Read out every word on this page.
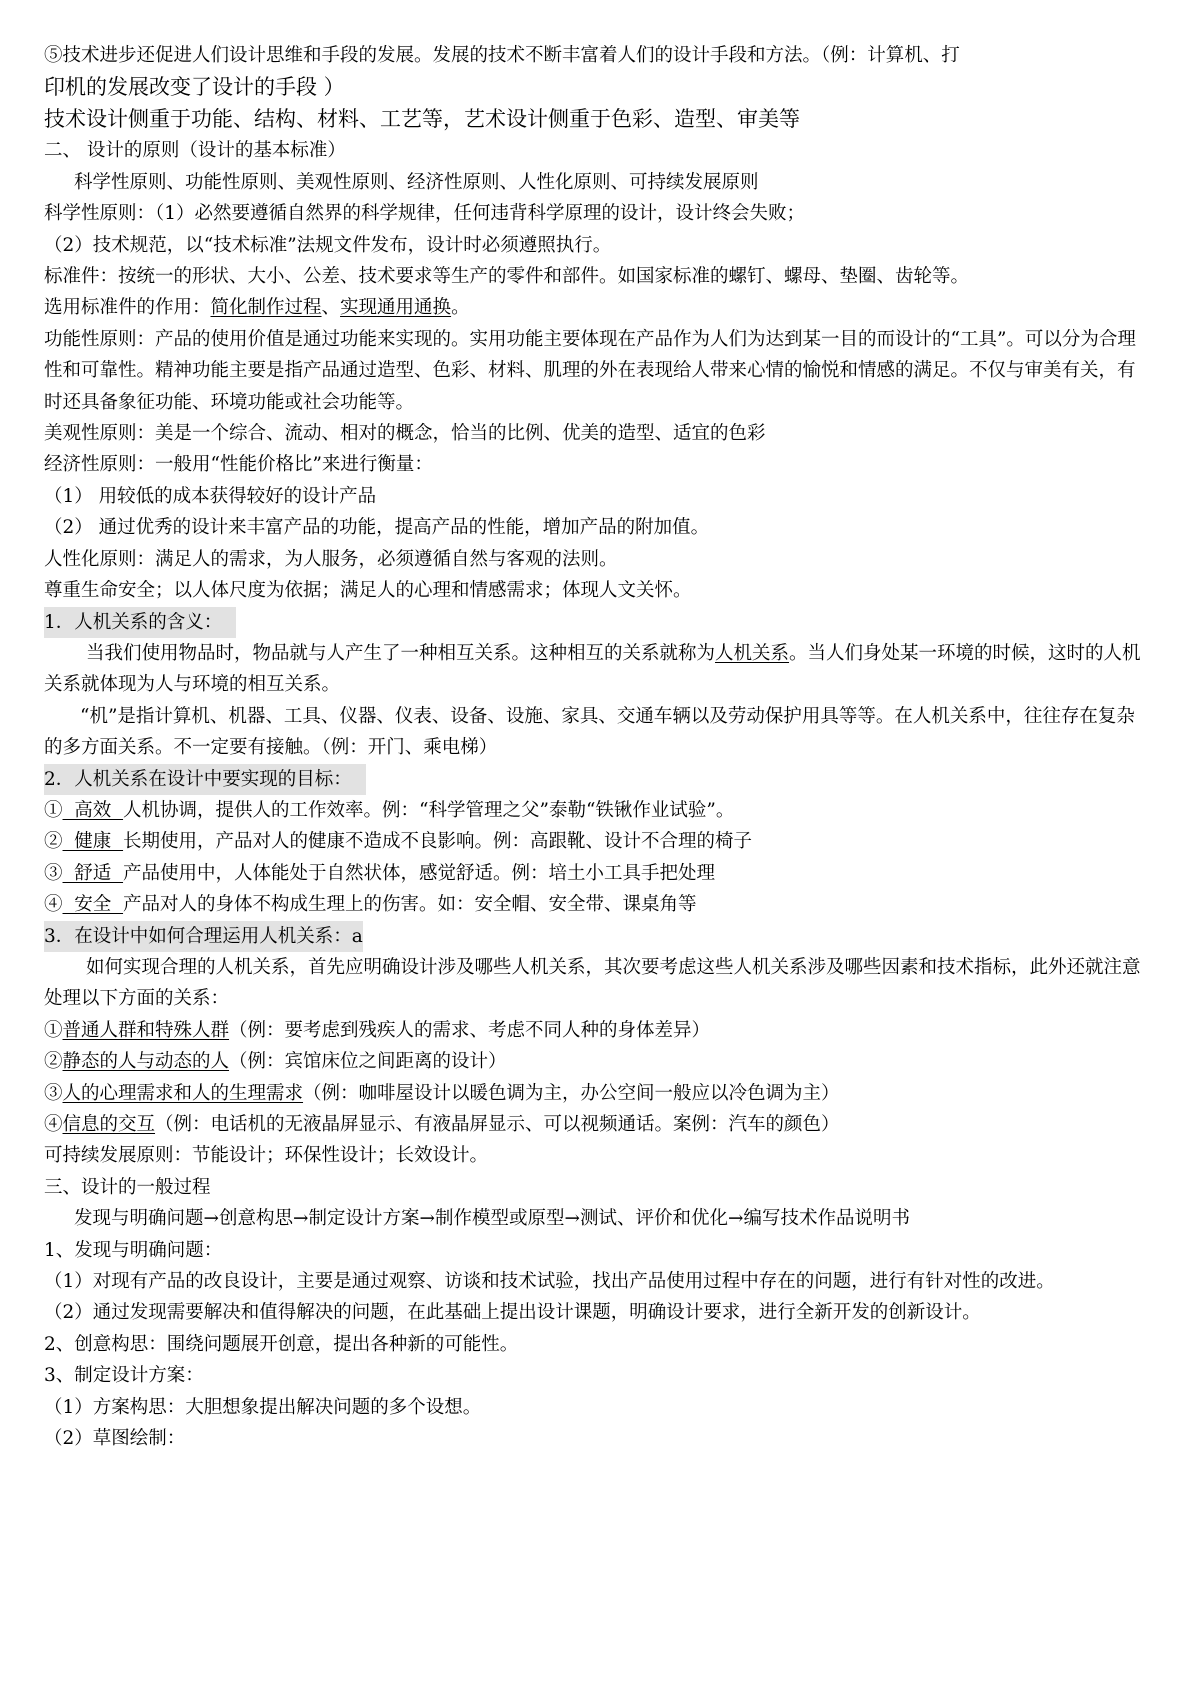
⑤技术进步还促进人们设计思维和手段的发展。发展的技术不断丰富着人们的设计手段和方法。（例：计算机、打
印机的发展改变了设计的手段 ）
技术设计侧重于功能、结构、材料、工艺等，艺术设计侧重于色彩、造型、审美等
二、 设计的原则（设计的基本标准）
科学性原则、功能性原则、美观性原则、经济性原则、人性化原则、可持续发展原则
科学性原则：（1）必然要遵循自然界的科学规律，任何违背科学原理的设计，设计终会失败；
（2）技术规范，以“技术标准”法规文件发布，设计时必须遵照执行。
标准件：按统一的形状、大小、公差、技术要求等生产的零件和部件。如国家标准的螺钉、螺母、垫圈、齿轮等。
选用标准件的作用：简化制作过程、实现通用通换。
功能性原则：产品的使用价值是通过功能来实现的。实用功能主要体现在产品作为人们为达到某一目的而设计的“工具”。可以分为合理性和可靠性。精神功能主要是指产品通过造型、色彩、材料、肌理的外在表现给人带来心情的愉悦和情感的满足。不仅与审美有关，有时还具备象征功能、环境功能或社会功能等。
美观性原则：美是一个综合、流动、相对的概念，恰当的比例、优美的造型、适宜的色彩
经济性原则：一般用“性能价格比”来进行衡量：
（1） 用较低的成本获得较好的设计产品
（2） 通过优秀的设计来丰富产品的功能，提高产品的性能，增加产品的附加值。
人性化原则：满足人的需求，为人服务，必须遵循自然与客观的法则。
尊重生命安全；以人体尺度为依据；满足人的心理和情感需求；体现人文关怀。
1．人机关系的含义：
当我们使用物品时，物品就与人产生了一种相互关系。这种相互的关系就称为人机关系。当人们身处某一环境的时候，这时的人机关系就体现为人与环境的相互关系。
“机”是指计算机、机器、工具、仪器、仪表、设备、设施、家具、交通车辆以及劳动保护用具等等。在人机关系中，往往存在复杂的多方面关系。不一定要有接触。（例：开门、乘电梯）
2．人机关系在设计中要实现的目标：
①  高效  人机协调，提供人的工作效率。例：“科学管理之父”泰勒“铁锹作业试验”。
②  健康  长期使用，产品对人的健康不造成不良影响。例：高跟靴、设计不合理的椅子
③  舒适  产品使用中，人体能处于自然状体，感觉舒适。例：培土小工具手把处理
④  安全  产品对人的身体不构成生理上的伤害。如：安全帽、安全带、课桌角等
3．在设计中如何合理运用人机关系：a
如何实现合理的人机关系，首先应明确设计涉及哪些人机关系，其次要考虑这些人机关系涉及哪些因素和技术指标，此外还就注意处理以下方面的关系：
①普通人群和特殊人群（例：要考虑到残疾人的需求、考虑不同人种的身体差异）
②静态的人与动态的人（例：宾馆床位之间距离的设计）
③人的心理需求和人的生理需求（例：咖啡屋设计以暖色调为主，办公空间一般应以冷色调为主）
④信息的交互（例：电话机的无液晶屏显示、有液晶屏显示、可以视频通话。案例：汽车的颜色）
可持续发展原则：节能设计；环保性设计；长效设计。
三、设计的一般过程
发现与明确问题→创意构思→制定设计方案→制作模型或原型→测试、评价和优化→编写技术作品说明书
1、发现与明确问题：
（1）对现有产品的改良设计，主要是通过观察、访谈和技术试验，找出产品使用过程中存在的问题，进行有针对性的改进。
（2）通过发现需要解决和值得解决的问题，在此基础上提出设计课题，明确设计要求，进行全新开发的创新设计。
2、创意构思：围绕问题展开创意，提出各种新的可能性。
3、制定设计方案：
（1）方案构思：大胆想象提出解决问题的多个设想。
（2）草图绘制：
